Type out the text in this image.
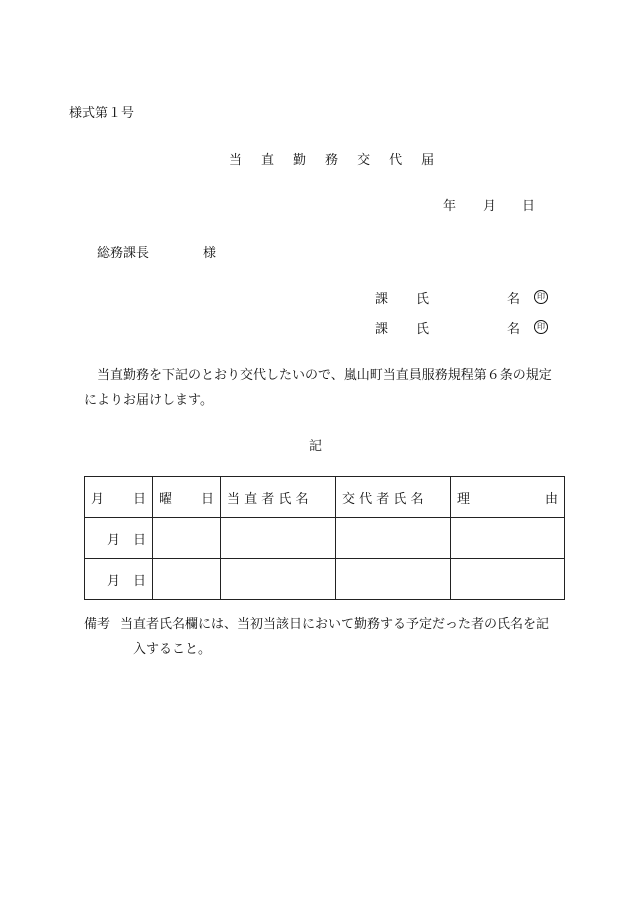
様式第１号
当 直 勤 務 交 代 届
年 月 日
総務課長	様
課 氏	名	印
課 氏	名	印
当直勤務を下記のとおり交代したいので、嵐山町当直員服務規程第６条の規定
によりお届けします。
記
月 日	曜 日	当 直 者 氏 名	交 代 者 氏 名	理 由

月　日				
月　日				
備考 当直者氏名欄には、当初当該日において勤務する予定だった者の氏名を記
　入すること。
